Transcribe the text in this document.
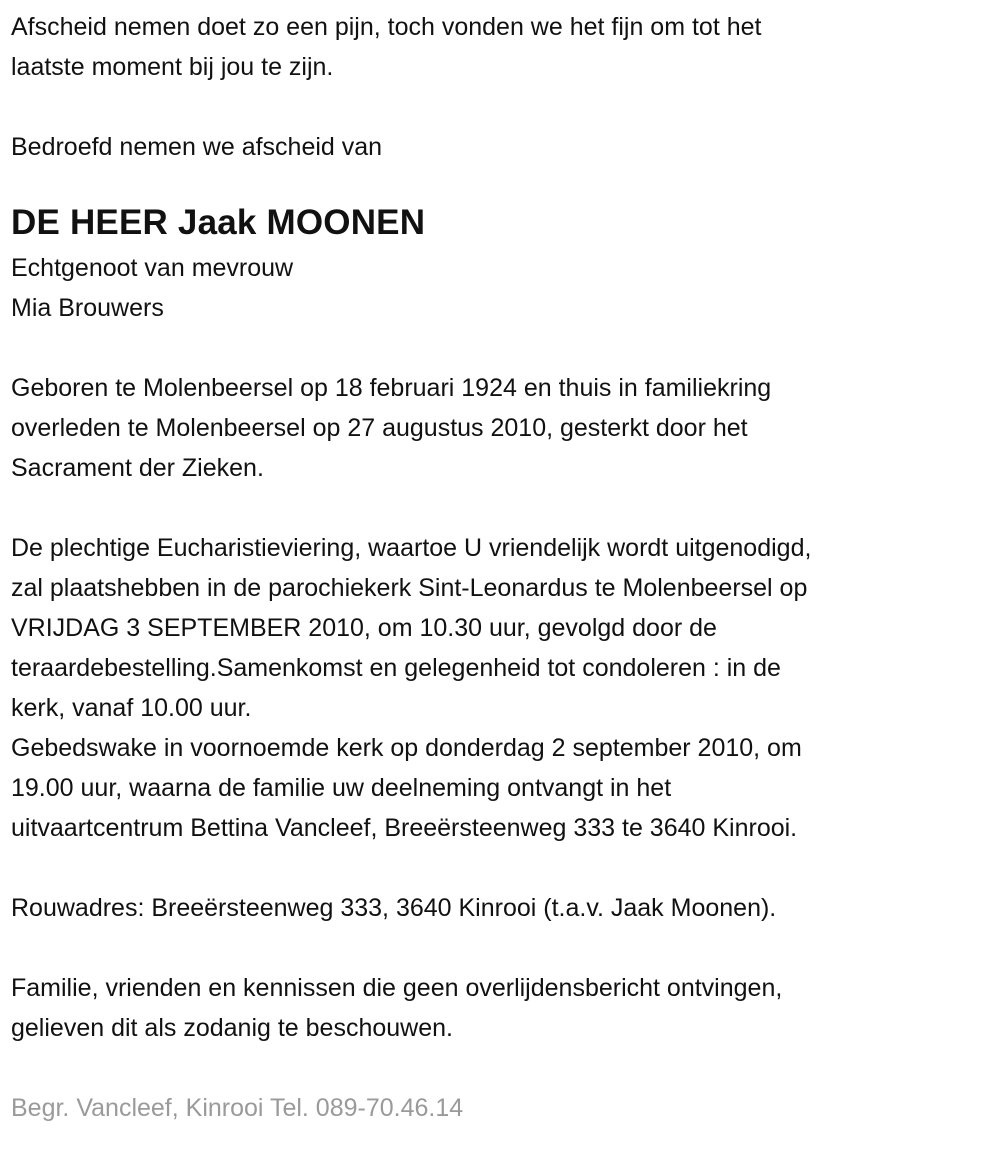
Afscheid nemen doet zo een pijn, toch vonden we het fijn om tot het
laatste moment bij jou te zijn.
Bedroefd nemen we afscheid van
DE HEER Jaak MOONEN
Echtgenoot van mevrouw
Mia Brouwers
Geboren te Molenbeersel op 18 februari 1924 en thuis in familiekring
overleden te Molenbeersel op 27 augustus 2010, gesterkt door het
Sacrament der Zieken.
De plechtige Eucharistieviering, waartoe U vriendelijk wordt uitgenodigd,
zal plaatshebben in de parochiekerk Sint-Leonardus te Molenbeersel op
VRIJDAG 3 SEPTEMBER 2010, om 10.30 uur, gevolgd door de
teraardebestelling.Samenkomst en gelegenheid tot condoleren : in de
kerk, vanaf 10.00 uur.
Gebedswake in voornoemde kerk op donderdag 2 september 2010, om
19.00 uur, waarna de familie uw deelneming ontvangt in het
uitvaartcentrum Bettina Vancleef, Breeërsteenweg 333 te 3640 Kinrooi.
Rouwadres: Breeërsteenweg 333, 3640 Kinrooi (t.a.v. Jaak Moonen).
Familie, vrienden en kennissen die geen overlijdensbericht ontvingen,
gelieven dit als zodanig te beschouwen.
Begr. Vancleef, Kinrooi Tel. 089-70.46.14
